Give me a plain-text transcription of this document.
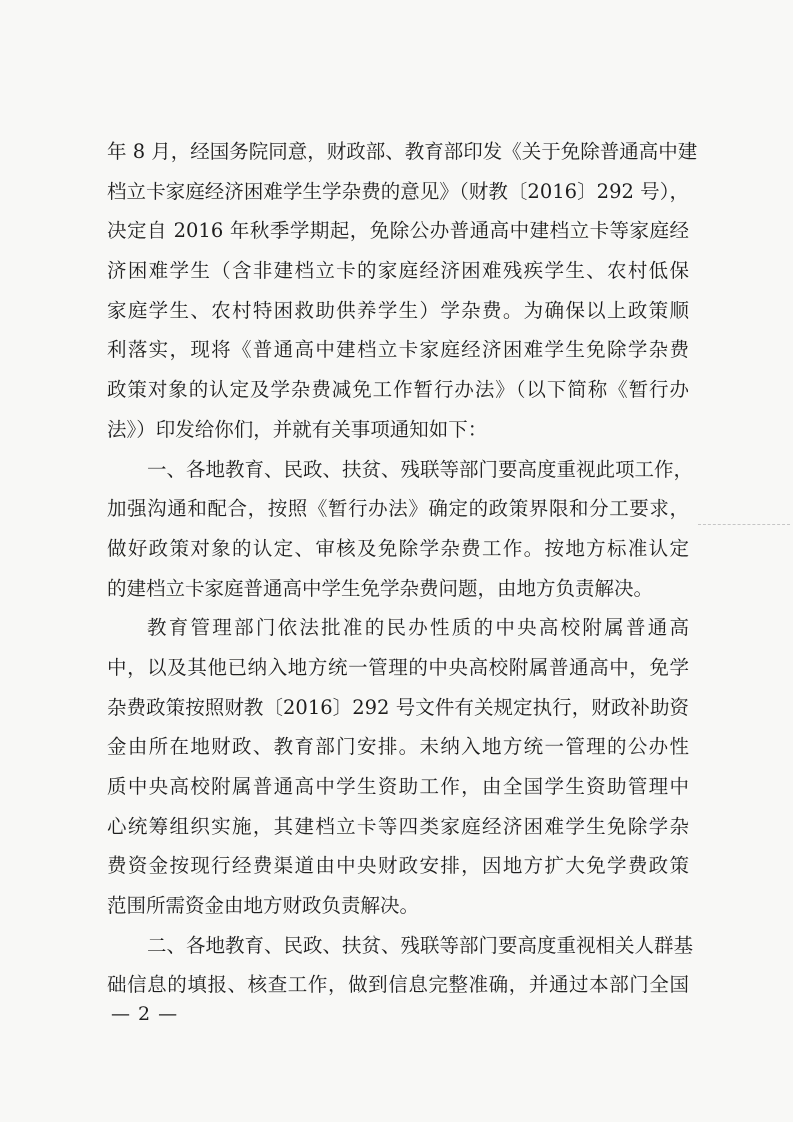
年 8 月，经国务院同意，财政部、教育部印发《关于免除普通高中建
档立卡家庭经济困难学生学杂费的意见》（财教〔2016〕292 号），
决定自 2016 年秋季学期起，免除公办普通高中建档立卡等家庭经
济困难学生（含非建档立卡的家庭经济困难残疾学生、农村低保
家庭学生、农村特困救助供养学生）学杂费。为确保以上政策顺
利落实，现将《普通高中建档立卡家庭经济困难学生免除学杂费
政策对象的认定及学杂费减免工作暂行办法》（以下简称《暂行办
法》）印发给你们，并就有关事项通知如下：
一、各地教育、民政、扶贫、残联等部门要高度重视此项工作，
加强沟通和配合，按照《暂行办法》确定的政策界限和分工要求，
做好政策对象的认定、审核及免除学杂费工作。按地方标准认定
的建档立卡家庭普通高中学生免学杂费问题，由地方负责解决。
教育管理部门依法批准的民办性质的中央高校附属普通高
中，以及其他已纳入地方统一管理的中央高校附属普通高中，免学
杂费政策按照财教〔2016〕292 号文件有关规定执行，财政补助资
金由所在地财政、教育部门安排。未纳入地方统一管理的公办性
质中央高校附属普通高中学生资助工作，由全国学生资助管理中
心统筹组织实施，其建档立卡等四类家庭经济困难学生免除学杂
费资金按现行经费渠道由中央财政安排，因地方扩大免学费政策
范围所需资金由地方财政负责解决。
二、各地教育、民政、扶贫、残联等部门要高度重视相关人群基
础信息的填报、核查工作，做到信息完整准确，并通过本部门全国
— 2 —
